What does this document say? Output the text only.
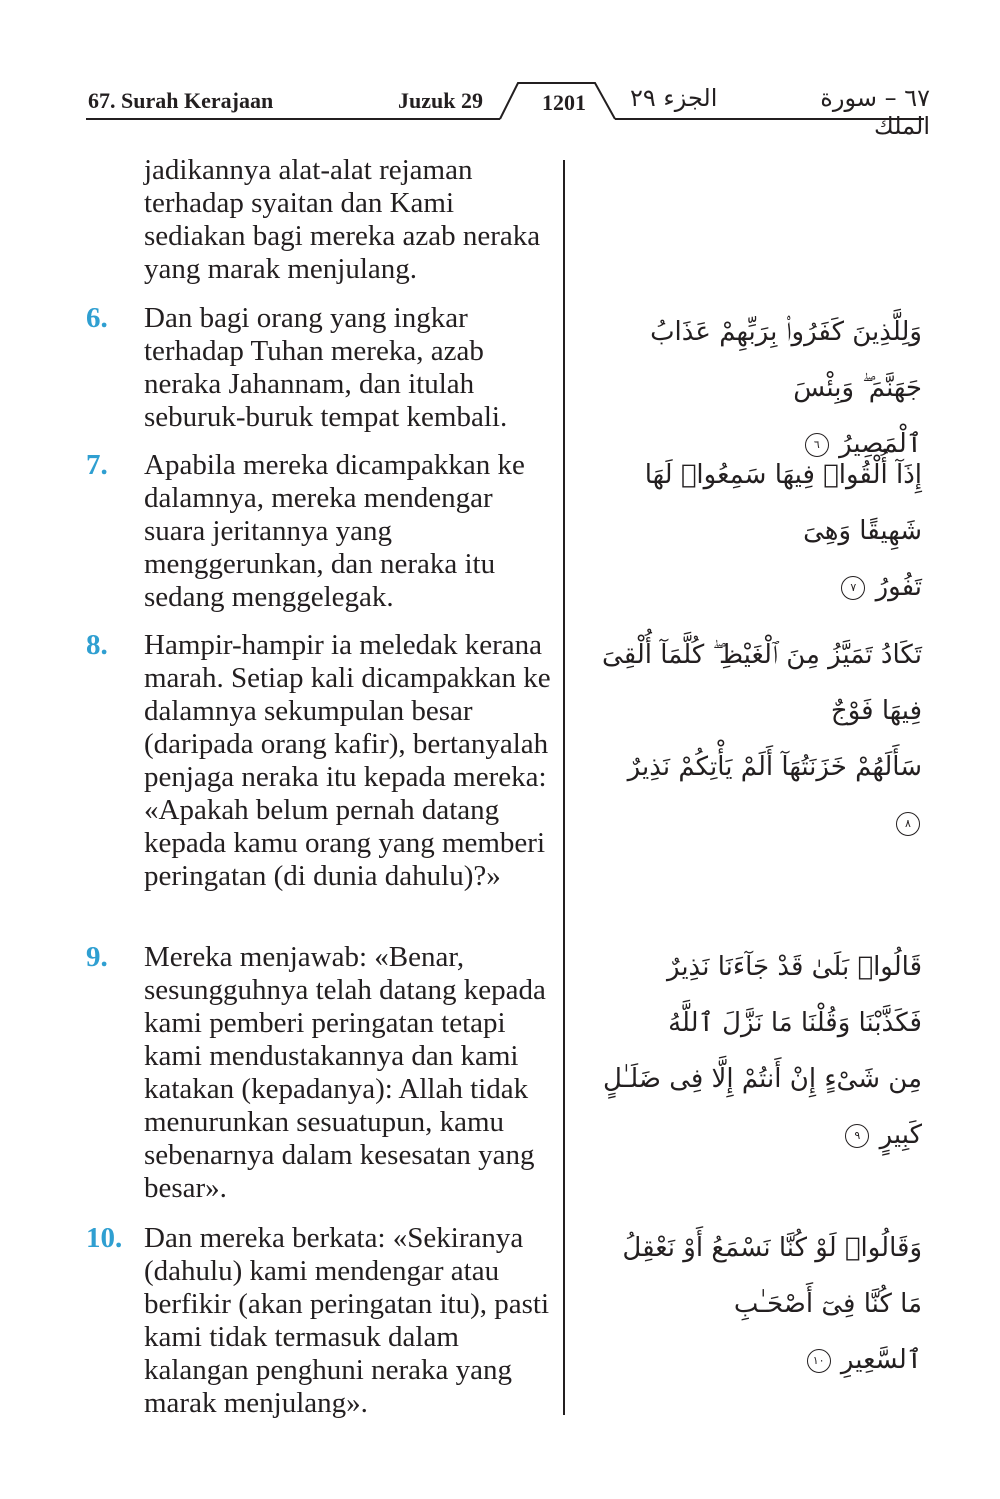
67. Surah Kerajaan	Juzuk 29	1201	الجزء ٢٩	٦٧ – سورة الملك
jadikannya alat-alat rejaman terhadap syaitan dan Kami sediakan bagi mereka azab neraka yang marak menjulang.
6. Dan bagi orang yang ingkar terhadap Tuhan mereka, azab neraka Jahannam, dan itulah seburuk-buruk tempat kembali.
وَلِلَّذِينَ كَفَرُوا۟ بِرَبِّهِمْ عَذَابُ جَهَنَّمَ ۖ وَبِئْسَ
ٱلْمَصِيرُ ٦
7. Apabila mereka dicampakkan ke dalamnya, mereka mendengar suara jeritannya yang menggerunkan, dan neraka itu sedang menggelegak.
إِذَآ أُلْقُوا۟ فِيهَا سَمِعُوا۟ لَهَا شَهِيقًا وَهِىَ
تَفُورُ ٧
8. Hampir-hampir ia meledak kerana marah. Setiap kali dicampakkan ke dalamnya sekumpulan besar (daripada orang kafir), bertanyalah penjaga neraka itu kepada mereka: «Apakah belum pernah datang kepada kamu orang yang memberi peringatan (di dunia dahulu)?»
تَكَادُ تَمَيَّزُ مِنَ ٱلْغَيْظِ ۖ كُلَّمَآ أُلْقِىَ فِيهَا فَوْجٌ
سَأَلَهُمْ خَزَنَتُهَآ أَلَمْ يَأْتِكُمْ نَذِيرٌ ٨
9. Mereka menjawab: «Benar, sesungguhnya telah datang kepada kami pemberi peringatan tetapi kami mendustakannya dan kami katakan (kepadanya): Allah tidak menurunkan sesuatupun, kamu sebenarnya dalam kesesatan yang besar».
قَالُوا۟ بَلَىٰ قَدْ جَآءَنَا نَذِيرٌ فَكَذَّبْنَا وَقُلْنَا مَا نَزَّلَ ٱللَّهُ
مِن شَىْءٍ إِنْ أَنتُمْ إِلَّا فِى ضَلَـٰلٍ كَبِيرٍ ٩
10. Dan mereka berkata: «Sekiranya (dahulu) kami mendengar atau berfikir (akan peringatan itu), pasti kami tidak termasuk dalam kalangan penghuni neraka yang marak menjulang».
وَقَالُوا۟ لَوْ كُنَّا نَسْمَعُ أَوْ نَعْقِلُ مَا كُنَّا فِىٓ أَصْحَـٰبِ
ٱلسَّعِيرِ ١٠
